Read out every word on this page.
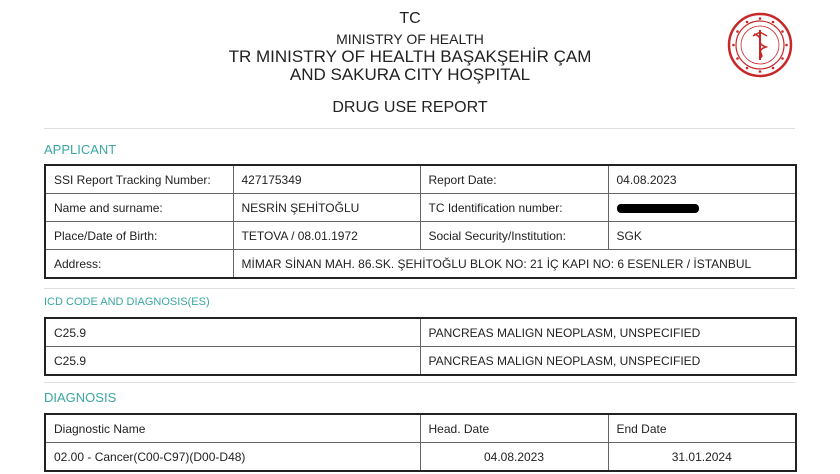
TC
MINISTRY OF HEALTH
TR MINISTRY OF HEALTH BAŞAKŞEHİR ÇAM
AND SAKURA CITY HOŞPITAL
DRUG USE REPORT
APPLICANT
SSI Report Tracking Number:	427175349	Report Date:	04.08.2023
Name and surname:	NESRİN ŞEHİTOĞLU	TC Identification number:	
Place/Date of Birth:	TETOVA / 08.01.1972	Social Security/Institution:	SGK
Address:	MİMAR SİNAN MAH. 86.SK. ŞEHİTOĞLU BLOK NO: 21 İÇ KAPI NO: 6 ESENLER / İSTANBUL		
ICD CODE AND DIAGNOSIS(ES)
C25.9	PANCREAS MALIGN NEOPLASM, UNSPECIFIED
C25.9	PANCREAS MALIGN NEOPLASM, UNSPECIFIED
DIAGNOSIS
Diagnostic Name	Head. Date	End Date
02.00 - Cancer(C00-C97)(D00-D48)	04.08.2023	31.01.2024
